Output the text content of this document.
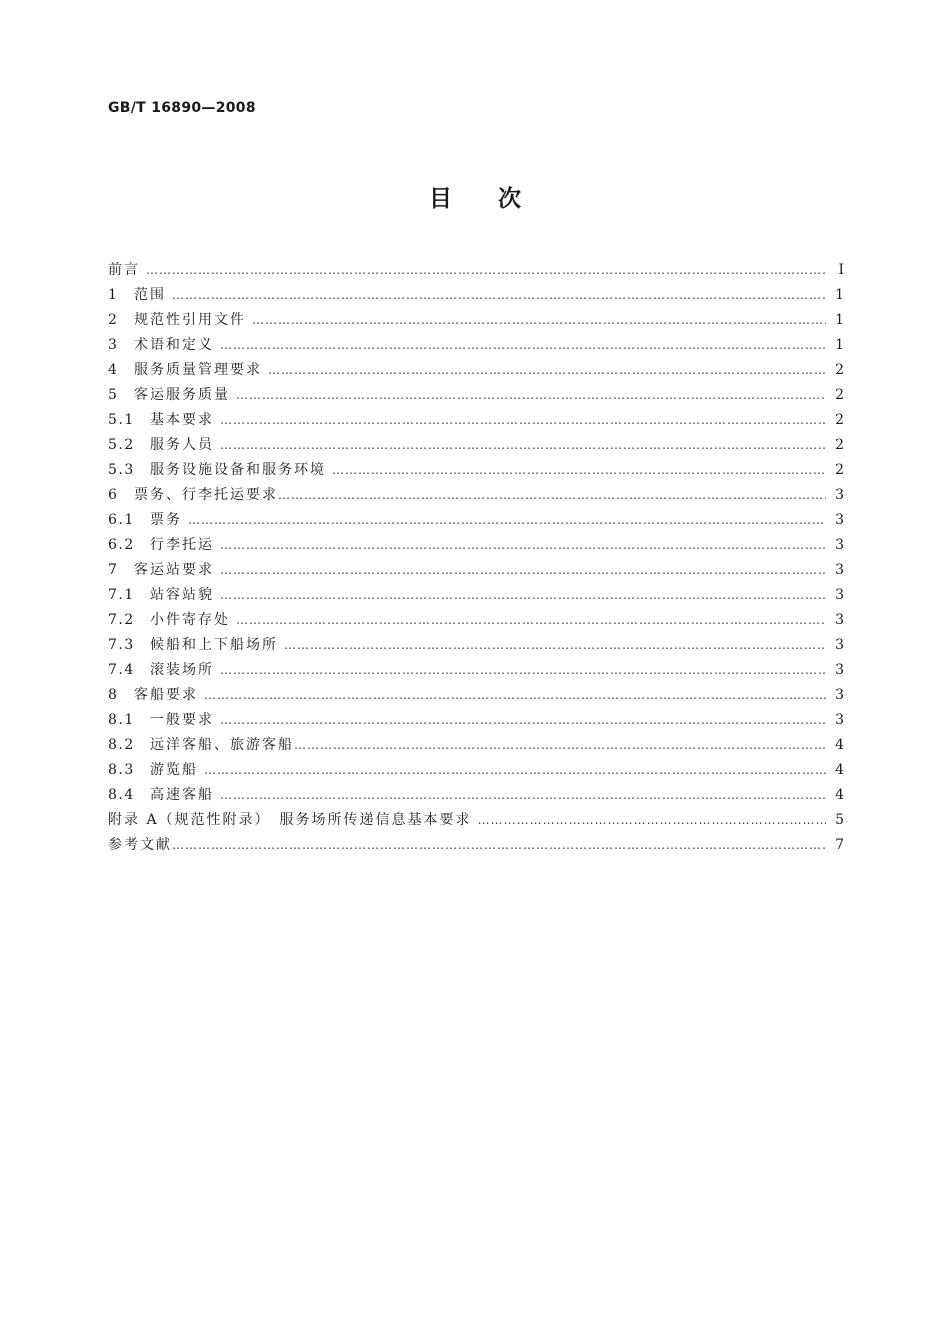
GB/T 16890—2008
目次
前言 …………………………………………………………………………………………………………………………………………………………………………………………………………	Ⅰ
1	范围 …………………………………………………………………………………………………………………………………………………………………………………………………………	1
2	规范性引用文件 …………………………………………………………………………………………………………………………………………………………………………………………………………	1
3	术语和定义 …………………………………………………………………………………………………………………………………………………………………………………………………………	1
4	服务质量管理要求 …………………………………………………………………………………………………………………………………………………………………………………………………………	2
5	客运服务质量 …………………………………………………………………………………………………………………………………………………………………………………………………………	2
5.1	基本要求 …………………………………………………………………………………………………………………………………………………………………………………………………………	2
5.2	服务人员 …………………………………………………………………………………………………………………………………………………………………………………………………………	2
5.3	服务设施设备和服务环境 …………………………………………………………………………………………………………………………………………………………………………………………………………	2
6	票务、行李托运要求 …………………………………………………………………………………………………………………………………………………………………………………………………………	3
6.1	票务 …………………………………………………………………………………………………………………………………………………………………………………………………………	3
6.2	行李托运 …………………………………………………………………………………………………………………………………………………………………………………………………………	3
7	客运站要求 …………………………………………………………………………………………………………………………………………………………………………………………………………	3
7.1	站容站貌 …………………………………………………………………………………………………………………………………………………………………………………………………………	3
7.2	小件寄存处 …………………………………………………………………………………………………………………………………………………………………………………………………………	3
7.3	候船和上下船场所 …………………………………………………………………………………………………………………………………………………………………………………………………………	3
7.4	滚装场所 …………………………………………………………………………………………………………………………………………………………………………………………………………	3
8	客船要求 …………………………………………………………………………………………………………………………………………………………………………………………………………	3
8.1	一般要求 …………………………………………………………………………………………………………………………………………………………………………………………………………	3
8.2	远洋客船、旅游客船 …………………………………………………………………………………………………………………………………………………………………………………………………………	4
8.3	游览船 …………………………………………………………………………………………………………………………………………………………………………………………………………	4
8.4	高速客船 …………………………………………………………………………………………………………………………………………………………………………………………………………	4
附录 A（规范性附录）　服务场所传递信息基本要求 …………………………………………………………………………………………………………………………………………………………………………………………………………	5
参考文献 …………………………………………………………………………………………………………………………………………………………………………………………………………	7
